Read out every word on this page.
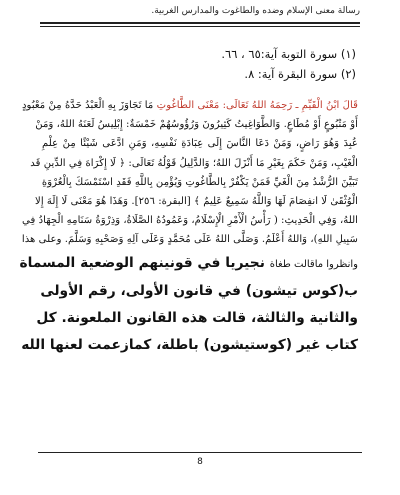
رسالة معنى الإسلام وضده والطاغوت والمدارس الغربية.

(١) سورة التوبة آية:٦٥ ، ٦٦.

(٢) سورة البقرة آية: ٨.

قَالَ ابْنُ الْقَيِّمِ ـ رَحِمَهُ اللهُ تَعَالَى: مَعْنَى الطَّاغُوتِ مَا تَجَاوَزَ بِهِ الْعَبْدُ حَدَّهُ مِنْ مَعْبُودٍ

أَوْ مَتْبُوعٍ أَوْ مُطَاعٍ. وَالطَّوَاغِيتُ كَثِيرُونَ وَرُؤُوسُهُمْ خَمْسَةٌ: إِبْلِيسُ لَعَنَهُ اللهُ، وَمَنْ

عُبِدَ وَهُوَ رَاضٍ، وَمَنْ دَعَا النَّاسَ إِلَى عِبَادَةِ نَفْسِهِ، وَمَنِ ادَّعَى شَيْئًا مِنْ عِلْمِ

الْغَيْبِ، وَمَنْ حَكَمَ بِغَيْرِ مَا أَنْزَلَ اللهُ؛ وَالدَّلِيلُ قَوْلُهُ تَعَالَى: ﴿ لَا إِكْرَاهَ فِي الدِّينِ قَد

تَبَيَّنَ الرُّشْدُ مِنَ الْغَيِّ فَمَنْ يَكْفُرْ بِالطَّاغُوتِ وَيُؤْمِن بِاللَّهِ فَقَدِ اسْتَمْسَكَ بِالْعُرْوَةِ

الْوُثْقَىٰ لَا انفِصَامَ لَهَا وَاللَّهُ سَمِيعٌ عَلِيمٌ ﴾ [البقرة: ٢٥٦]. وَهَذَا هُوَ مَعْنَى لَا إِلَهَ إِلا

اللهُ، وَفِي الْحَدِيثِ: ( رَأْسُ الْأَمْرِ الْإِسْلَامُ، وَعَمُودُهُ الصَّلَاةُ، وَذِرْوَةُ سَنَامِهِ الْجِهَادُ فِي

سَبِيلِ اللهِ)، وَاللهُ أَعْلَمُ. وَصَلَّى اللهُ عَلَى مُحَمَّدٍ وَعَلَى آلِهِ وَصَحْبِهِ وَسَلَّمَ. وعلى هذا

وانظروا ماقالت طغاة نجيريا في قونينهم الوضعية المسماة

ب(كوس تيشون) في قانون الأولى، رقم الأولى

والثانية والثالثة، قالت هذه القانون الملعونة. كل

كتاب غير (كوستيشون) باطلة، كمازعمت لعنها الله

8
